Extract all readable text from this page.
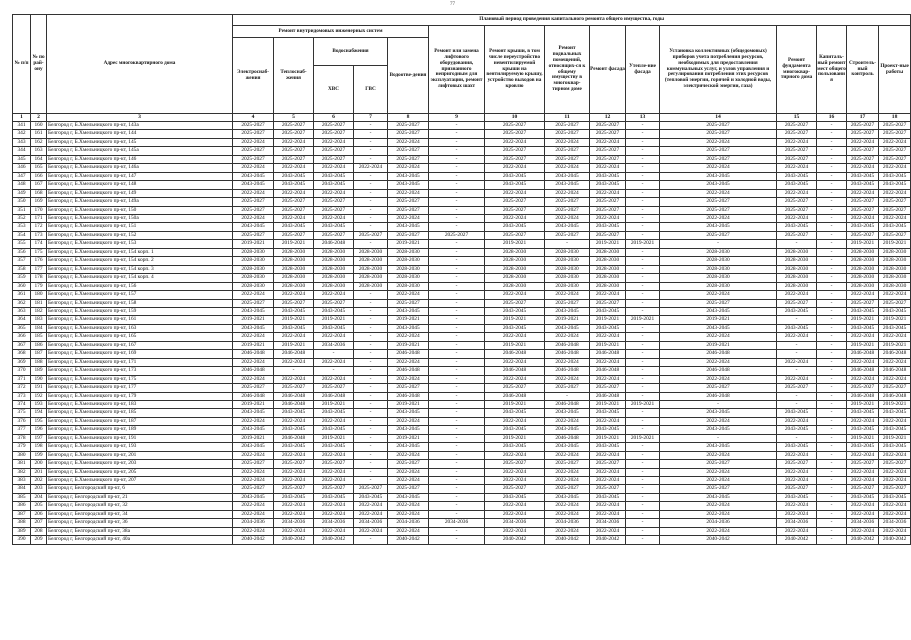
77
№ п/п	№ по рай-ону	Адрес многоквартирного дома	Плановый период проведения капитального ремонта общего имущества, годы														
			Ремонт внутридомовых инженерных систем					Ремонт или замена лифтового оборудования, признанного непригодным для эксплуатации, ремонт лифтовых шахт	Ремонт крыши, в том числе переустройство невентилируемой крыши на вентилируемую крышу, устройство выходов на кровлю	Ремонт подвальных помещений, относящих-ся к общему имуществу в многоквар-тирном доме	Ремонт фасада	Утепле-ние фасада	Установка коллективных (общедомовых) приборов учета потребления ресурсов, необходимых для предоставления коммунальных услуг, и узлов управления и регулирования потребления этих ресурсов (тепловой энергии, горячей и холодной воды, электрической энергии, газа)	Ремонт фундамента многоквар-тирного дома	Капиталь-ный ремонт мест общего пользовани я	Строитель-ный контроль	Проект-ные работы
			Электроснаб-жения	Теплоснаб-жения	Водоснабжения		Водоотве-дения										
					ХВС	ГВС											
1	2	3	4	5	6	7	8	9	10	11	12	13	14	15	16	17	18
341	160	Белгород г, Б.Хмельницкого пр-кт, 143а	2025-2027	2025-2027	2025-2027	-	2025-2027	-	2025-2027	2025-2027	2025-2027	-	2025-2027	2025-2027	-	2025-2027	2025-2027
342	161	Белгород г, Б.Хмельницкого пр-кт, 144	2025-2027	2025-2027	2025-2027	-	2025-2027	-	2025-2027	2025-2027	2025-2027	-	2025-2027	2025-2027	-	2025-2027	2025-2027
343	162	Белгород г, Б.Хмельницкого пр-кт, 145	2022-2024	2022-2024	2022-2024	-	2022-2024	-	2022-2024	2022-2024	2022-2024	-	2022-2024	2022-2024	-	2022-2024	2022-2024
344	163	Белгород г, Б.Хмельницкого пр-кт, 145а	2025-2027	2025-2027	2025-2027	-	2025-2027	-	2025-2027	2025-2027	2025-2027	-	2025-2027	2025-2027	-	2025-2027	2025-2027
345	164	Белгород г, Б.Хмельницкого пр-кт, 146	2025-2027	2025-2027	2025-2027	-	2025-2027	-	2025-2027	2025-2027	2025-2027	-	2025-2027	2025-2027	-	2025-2027	2025-2027
346	165	Белгород г, Б.Хмельницкого пр-кт, 146а	2022-2024	2022-2024	2022-2024	2022-2024	2022-2024	-	2022-2024	2022-2024	2022-2024	-	2022-2024	2022-2024	-	2022-2024	2022-2024
347	166	Белгород г, Б.Хмельницкого пр-кт, 147	2043-2045	2043-2045	2043-2045	-	2043-2045	-	2043-2045	2043-2045	2043-2045	-	2043-2045	2043-2045	-	2043-2045	2043-2045
348	167	Белгород г, Б.Хмельницкого пр-кт, 148	2043-2045	2043-2045	2043-2045	-	2043-2045	-	2043-2045	2043-2045	2043-2045	-	2043-2045	2043-2045	-	2043-2045	2043-2045
349	168	Белгород г, Б.Хмельницкого пр-кт, 149	2022-2024	2022-2024	2022-2024	-	2022-2024	-	2022-2024	2022-2024	2022-2024	-	2022-2024	2022-2024	-	2022-2024	2022-2024
350	169	Белгород г, Б.Хмельницкого пр-кт, 149а	2025-2027	2025-2027	2025-2027	-	2025-2027	-	2025-2027	2025-2027	2025-2027	-	2025-2027	2025-2027	-	2025-2027	2025-2027
351	170	Белгород г, Б.Хмельницкого пр-кт, 150	2025-2027	2025-2027	2025-2027	-	2025-2027	-	2025-2027	2025-2027	2025-2027	-	2025-2027	2025-2027	-	2025-2027	2025-2027
352	171	Белгород г, Б.Хмельницкого пр-кт, 150а	2022-2024	2022-2024	2022-2024	-	2022-2024	-	2022-2024	2022-2024	2022-2024	-	2022-2024	2022-2024	-	2022-2024	2022-2024
353	172	Белгород г, Б.Хмельницкого пр-кт, 151	2043-2045	2043-2045	2043-2045	-	2043-2045	-	2043-2045	2043-2045	2043-2045	-	2043-2045	2043-2045	-	2043-2045	2043-2045
354	173	Белгород г, Б.Хмельницкого пр-кт, 152	2025-2027	2025-2027	2025-2027	2025-2027	2025-2027	2025-2027	2025-2027	2025-2027	2025-2027	-	2025-2027	2025-2027	-	2025-2027	2025-2027
355	174	Белгород г, Б.Хмельницкого пр-кт, 153	2019-2021	2019-2021	2046-2048	-	2019-2021	-	2019-2021	-	2019-2021	2019-2021	-	-	-	2019-2021	2019-2021
356	175	Белгород г, Б.Хмельницкого пр-кт, 154 корп. 1	2028-2030	2028-2030	2028-2030	2028-2030	2028-2030	-	2028-2030	2028-2030	2028-2030	-	2028-2030	2028-2030	-	2028-2030	2028-2030
357	176	Белгород г, Б.Хмельницкого пр-кт, 154 корп. 2	2028-2030	2028-2030	2028-2030	2028-2030	2028-2030	-	2028-2030	2028-2030	2028-2030	-	2028-2030	2028-2030	-	2028-2030	2028-2030
358	177	Белгород г, Б.Хмельницкого пр-кт, 154 корп. 3	2028-2030	2028-2030	2028-2030	2028-2030	2028-2030	-	2028-2030	2028-2030	2028-2030	-	2028-2030	2028-2030	-	2028-2030	2028-2030
359	178	Белгород г, Б.Хмельницкого пр-кт, 154 корп. 4	2028-2030	2028-2030	2028-2030	2028-2030	2028-2030	-	2028-2030	2028-2030	2028-2030	-	2028-2030	2028-2030	-	2028-2030	2028-2030
360	179	Белгород г, Б.Хмельницкого пр-кт, 156	2028-2030	2028-2030	2028-2030	2028-2030	2028-2030	-	2028-2030	2028-2030	2028-2030	-	2028-2030	2028-2030	-	2028-2030	2028-2030
361	180	Белгород г, Б.Хмельницкого пр-кт, 157	2022-2024	2022-2024	2022-2024	-	2022-2024	-	2022-2024	2022-2024	2022-2024	-	2022-2024	2022-2024	-	2022-2024	2022-2024
362	181	Белгород г, Б.Хмельницкого пр-кт, 158	2025-2027	2025-2027	2025-2027	-	2025-2027	-	2025-2027	2025-2027	2025-2027	-	2025-2027	2025-2027	-	2025-2027	2025-2027
363	182	Белгород г, Б.Хмельницкого пр-кт, 159	2043-2045	2043-2045	2043-2045	-	2043-2045	-	2043-2045	2043-2045	2043-2045	-	2043-2045	2043-2045	-	2043-2045	2043-2045
364	183	Белгород г, Б.Хмельницкого пр-кт, 161	2019-2021	2019-2021	2019-2021	-	2019-2021	-	2019-2021	2019-2021	2019-2021	2019-2021	2019-2021	-	-	2019-2021	2019-2021
365	184	Белгород г, Б.Хмельницкого пр-кт, 163	2043-2045	2043-2045	2043-2045	-	2043-2045	-	2043-2045	2043-2045	2043-2045	-	2043-2045	2043-2045	-	2043-2045	2043-2045
366	185	Белгород г, Б.Хмельницкого пр-кт, 165	2022-2024	2022-2024	2022-2024	-	2022-2024	-	2022-2024	2022-2024	2022-2024	-	2022-2024	2022-2024	-	2022-2024	2022-2024
367	186	Белгород г, Б.Хмельницкого пр-кт, 167	2019-2021	2019-2021	2034-2036	-	2019-2021	-	2019-2021	2046-2048	2019-2021	-	2019-2021	-	-	2019-2021	2019-2021
368	187	Белгород г, Б.Хмельницкого пр-кт, 169	2046-2048	2046-2048	-	-	2046-2048	-	2046-2048	2046-2048	2046-2048	-	2046-2048	-	-	2046-2048	2046-2048
369	188	Белгород г, Б.Хмельницкого пр-кт, 171	2022-2024	2022-2024	2022-2024	-	2022-2024	-	2022-2024	2022-2024	2022-2024	-	2022-2024	2022-2024	-	2022-2024	2022-2024
370	189	Белгород г, Б.Хмельницкого пр-кт, 173	2046-2048	-	-	-	2046-2048	-	2046-2048	2046-2048	2046-2048	-	2046-2048	-	-	2046-2048	2046-2048
371	190	Белгород г, Б.Хмельницкого пр-кт, 175	2022-2024	2022-2024	2022-2024	-	2022-2024	-	2022-2024	2022-2024	2022-2024	-	2022-2024	2022-2024	-	2022-2024	2022-2024
372	191	Белгород г, Б.Хмельницкого пр-кт, 177	2025-2027	2025-2027	2025-2027	-	2025-2027	-	2025-2027	2025-2027	2025-2027	-	2025-2027	2025-2027	-	2025-2027	2025-2027
373	192	Белгород г, Б.Хмельницкого пр-кт, 179	2046-2048	2046-2048	2046-2048	-	2046-2048	-	2046-2048	-	2046-2048	-	2046-2048	-	-	2046-2048	2046-2048
374	193	Белгород г, Б.Хмельницкого пр-кт, 183	2019-2021	2046-2048	2019-2021	-	2019-2021	-	2019-2021	2046-2048	2019-2021	2019-2021	-	-	-	2019-2021	2019-2021
375	194	Белгород г, Б.Хмельницкого пр-кт, 185	2043-2045	2043-2045	2043-2045	-	2043-2045	-	2043-2045	2043-2045	2043-2045	-	2043-2045	2043-2045	-	2043-2045	2043-2045
376	195	Белгород г, Б.Хмельницкого пр-кт, 187	2022-2024	2022-2024	2022-2024	-	2022-2024	-	2022-2024	2022-2024	2022-2024	-	2022-2024	2022-2024	-	2022-2024	2022-2024
377	196	Белгород г, Б.Хмельницкого пр-кт, 189	2043-2045	2043-2045	2043-2045	-	2043-2045	-	2043-2045	2043-2045	2043-2045	-	2043-2045	2043-2045	-	2043-2045	2043-2045
378	197	Белгород г, Б.Хмельницкого пр-кт, 191	2019-2021	2046-2048	2019-2021	-	2019-2021	-	2019-2021	2046-2048	2019-2021	2019-2021	-	-	-	2019-2021	2019-2021
379	198	Белгород г, Б.Хмельницкого пр-кт, 193	2043-2045	2043-2045	2043-2045	-	2043-2045	-	2043-2045	2043-2045	2043-2045	-	2043-2045	2043-2045	-	2043-2045	2043-2045
380	199	Белгород г, Б.Хмельницкого пр-кт, 201	2022-2024	2022-2024	2022-2024	-	2022-2024	-	2022-2024	2022-2024	2022-2024	-	2022-2024	2022-2024	-	2022-2024	2022-2024
381	200	Белгород г, Б.Хмельницкого пр-кт, 203	2025-2027	2025-2027	2025-2027	-	2025-2027	-	2025-2027	2025-2027	2025-2027	-	2025-2027	2025-2027	-	2025-2027	2025-2027
382	201	Белгород г, Б.Хмельницкого пр-кт, 205	2022-2024	2022-2024	2022-2024	-	2022-2024	-	2022-2024	2022-2024	2022-2024	-	2022-2024	2022-2024	-	2022-2024	2022-2024
383	202	Белгород г, Б.Хмельницкого пр-кт, 207	2022-2024	2022-2024	2022-2024	-	2022-2024	-	2022-2024	2022-2024	2022-2024	-	2022-2024	2022-2024	-	2022-2024	2022-2024
384	203	Белгород г, Белгородский пр-кт, 6	2025-2027	2025-2027	2025-2027	2025-2027	2025-2027	-	2025-2027	2025-2027	2025-2027	-	2025-2027	2025-2027	-	2025-2027	2025-2027
385	204	Белгород г, Белгородский пр-кт, 21	2043-2045	2043-2045	2043-2045	2043-2045	2043-2045	-	2043-2045	2043-2045	2043-2045	-	2043-2045	2043-2045	-	2043-2045	2043-2045
386	205	Белгород г, Белгородский пр-кт, 32	2022-2024	2022-2024	2022-2024	2022-2024	2022-2024	-	2022-2024	2022-2024	2022-2024	-	2022-2024	2022-2024	-	2022-2024	2022-2024
387	206	Белгород г, Белгородский пр-кт, 34	2022-2024	2022-2024	2022-2024	2022-2024	2022-2024	-	2022-2024	2022-2024	2022-2024	-	2022-2024	2022-2024	-	2022-2024	2022-2024
388	207	Белгород г, Белгородский пр-кт, 36	2034-2036	2034-2036	2034-2036	2034-2036	2034-2036	2034-2036	2034-2036	2034-2036	2034-2036	-	2034-2036	2034-2036	-	2034-2036	2034-2036
389	208	Белгород г, Белгородский пр-кт, 38а	2022-2024	2022-2024	2022-2024	2022-2024	2022-2024	-	2022-2024	2022-2024	2022-2024	-	2022-2024	2022-2024	-	2022-2024	2022-2024
390	209	Белгород г, Белгородский пр-кт, 40а	2040-2042	2040-2042	2040-2042	-	2040-2042	-	2040-2042	2040-2042	2040-2042	-	2040-2042	2040-2042	-	2040-2042	2040-2042
